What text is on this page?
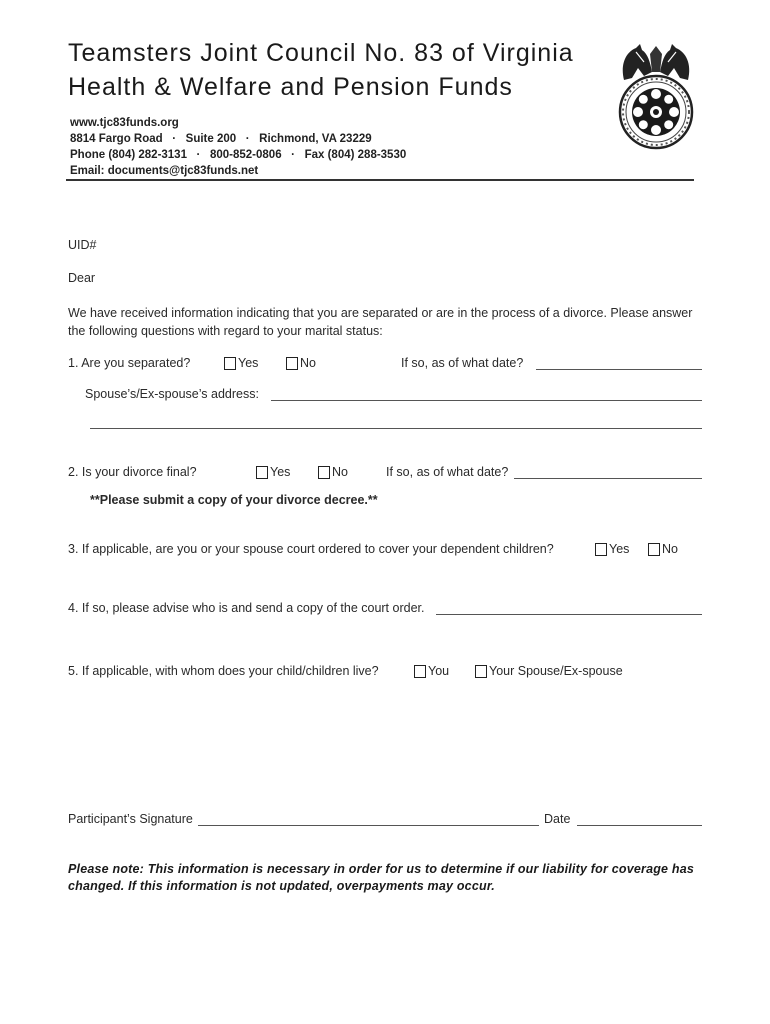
Teamsters Joint Council No. 83 of Virginia
Health & Welfare and Pension Funds
www.tjc83funds.org
8814 Fargo Road   ·   Suite 200   ·   Richmond, VA 23229
Phone (804) 282-3131   ·   800-852-0806   ·   Fax (804) 288-3530
Email: documents@tjc83funds.net
UID#
Dear
We have received information indicating that you are separated or are in the process of a divorce. Please answer the following questions with regard to your marital status:
1. Are you separated?	Yes	No	If so, as of what date?
Spouse’s/Ex-spouse’s address:
2. Is your divorce final?	Yes	No	If so, as of what date?
**Please submit a copy of your divorce decree.**
3. If applicable, are you or your spouse court ordered to cover your dependent children?	Yes	No
4. If so, please advise who is and send a copy of the court order.
5. If applicable, with whom does your child/children live?	You	Your Spouse/Ex-spouse
Participant’s Signature	Date
Please note: This information is necessary in order for us to determine if our liability for coverage has changed. If this information is not updated, overpayments may occur.
